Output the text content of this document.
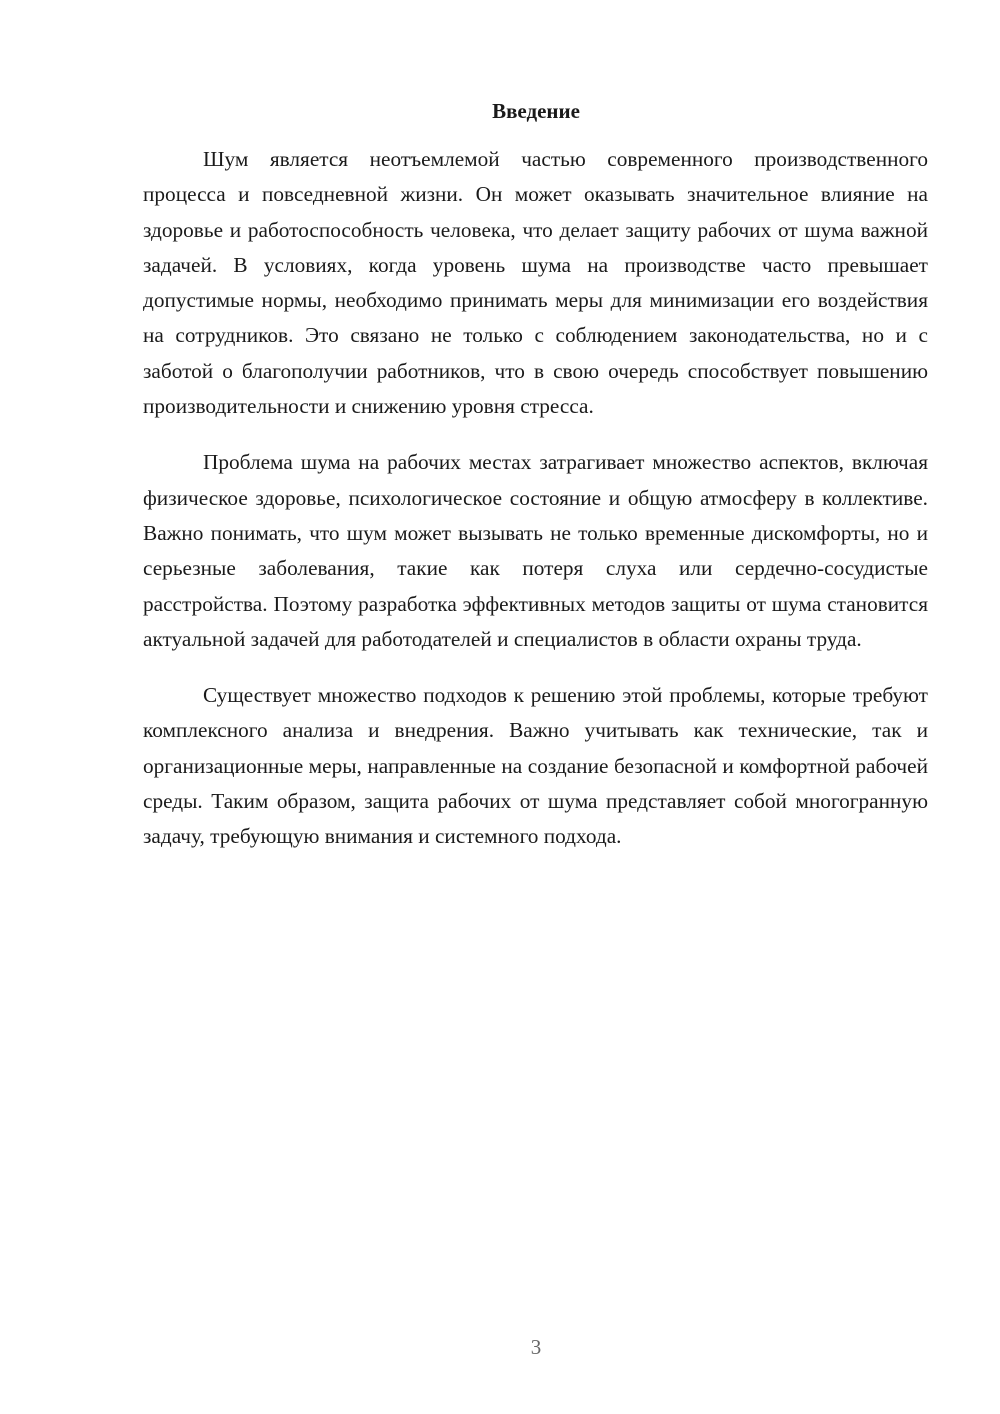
Введение

Шум является неотъемлемой частью современного производственного процесса и повседневной жизни. Он может оказывать значительное влияние на здоровье и работоспособность человека, что делает защиту рабочих от шума важной задачей. В условиях, когда уровень шума на производстве часто превышает допустимые нормы, необходимо принимать меры для минимизации его воздействия на сотрудников. Это связано не только с соблюдением законодательства, но и с заботой о благополучии работников, что в свою очередь способствует повышению производительности и снижению уровня стресса.

Проблема шума на рабочих местах затрагивает множество аспектов, включая физическое здоровье, психологическое состояние и общую атмосферу в коллективе. Важно понимать, что шум может вызывать не только временные дискомфорты, но и серьезные заболевания, такие как потеря слуха или сердечно-сосудистые расстройства. Поэтому разработка эффективных методов защиты от шума становится актуальной задачей для работодателей и специалистов в области охраны труда.

Существует множество подходов к решению этой проблемы, которые требуют комплексного анализа и внедрения. Важно учитывать как технические, так и организационные меры, направленные на создание безопасной и комфортной рабочей среды. Таким образом, защита рабочих от шума представляет собой многогранную задачу, требующую внимания и системного подхода.

3
